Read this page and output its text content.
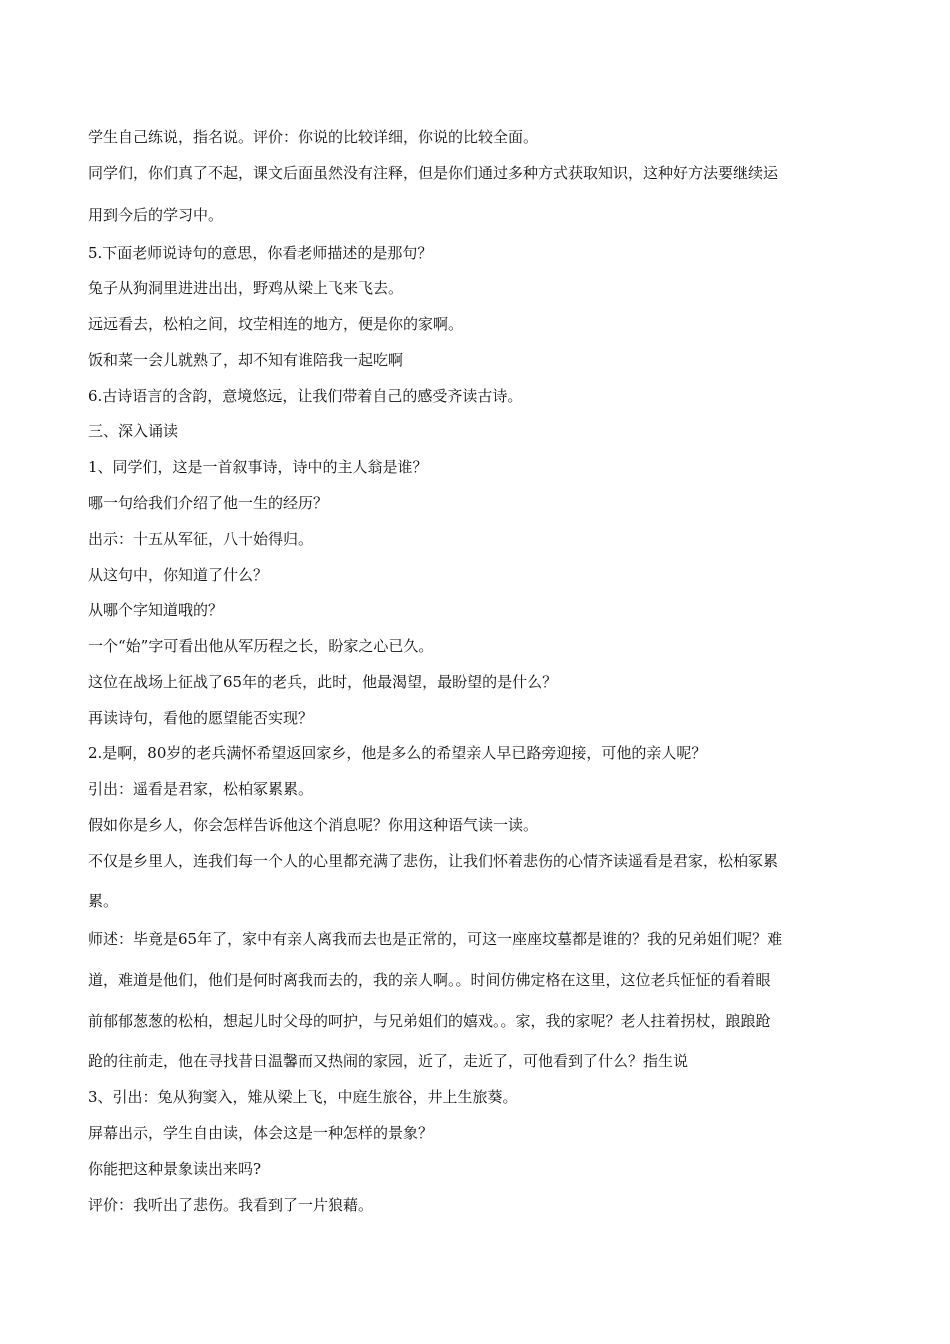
学生自己练说，指名说。评价：你说的比较详细，你说的比较全面。

同学们，你们真了不起，课文后面虽然没有注释，但是你们通过多种方式获取知识，这种好方法要继续运

用到今后的学习中。

5.下面老师说诗句的意思，你看老师描述的是那句？

兔子从狗洞里进进出出，野鸡从梁上飞来飞去。

远远看去，松柏之间，坟茔相连的地方，便是你的家啊。

饭和菜一会儿就熟了，却不知有谁陪我一起吃啊

6.古诗语言的含韵，意境悠远，让我们带着自己的感受齐读古诗。

三、深入诵读

1、同学们，这是一首叙事诗，诗中的主人翁是谁？

哪一句给我们介绍了他一生的经历？

出示：十五从军征，八十始得归。

从这句中，你知道了什么？

从哪个字知道哦的？

一个“始”字可看出他从军历程之长，盼家之心已久。

这位在战场上征战了65年的老兵，此时，他最渴望，最盼望的是什么？

再读诗句，看他的愿望能否实现？

2.是啊，80岁的老兵满怀希望返回家乡，他是多么的希望亲人早已路旁迎接，可他的亲人呢？

引出：遥看是君家，松柏冢累累。

假如你是乡人，你会怎样告诉他这个消息呢？你用这种语气读一读。

不仅是乡里人，连我们每一个人的心里都充满了悲伤，让我们怀着悲伤的心情齐读遥看是君家，松柏冢累

累。

师述：毕竟是65年了，家中有亲人离我而去也是正常的，可这一座座坟墓都是谁的？我的兄弟姐们呢？难

道，难道是他们，他们是何时离我而去的，我的亲人啊。。时间仿佛定格在这里，这位老兵怔怔的看着眼

前郁郁葱葱的松柏，想起儿时父母的呵护，与兄弟姐们的嬉戏。。家，我的家呢？老人拄着拐杖，踉踉跄

跄的往前走，他在寻找昔日温馨而又热闹的家园，近了，走近了，可他看到了什么？指生说

3、引出：兔从狗窦入，雉从梁上飞，中庭生旅谷，井上生旅葵。

屏幕出示，学生自由读，体会这是一种怎样的景象？

你能把这种景象读出来吗?

评价：我听出了悲伤。我看到了一片狼藉。
